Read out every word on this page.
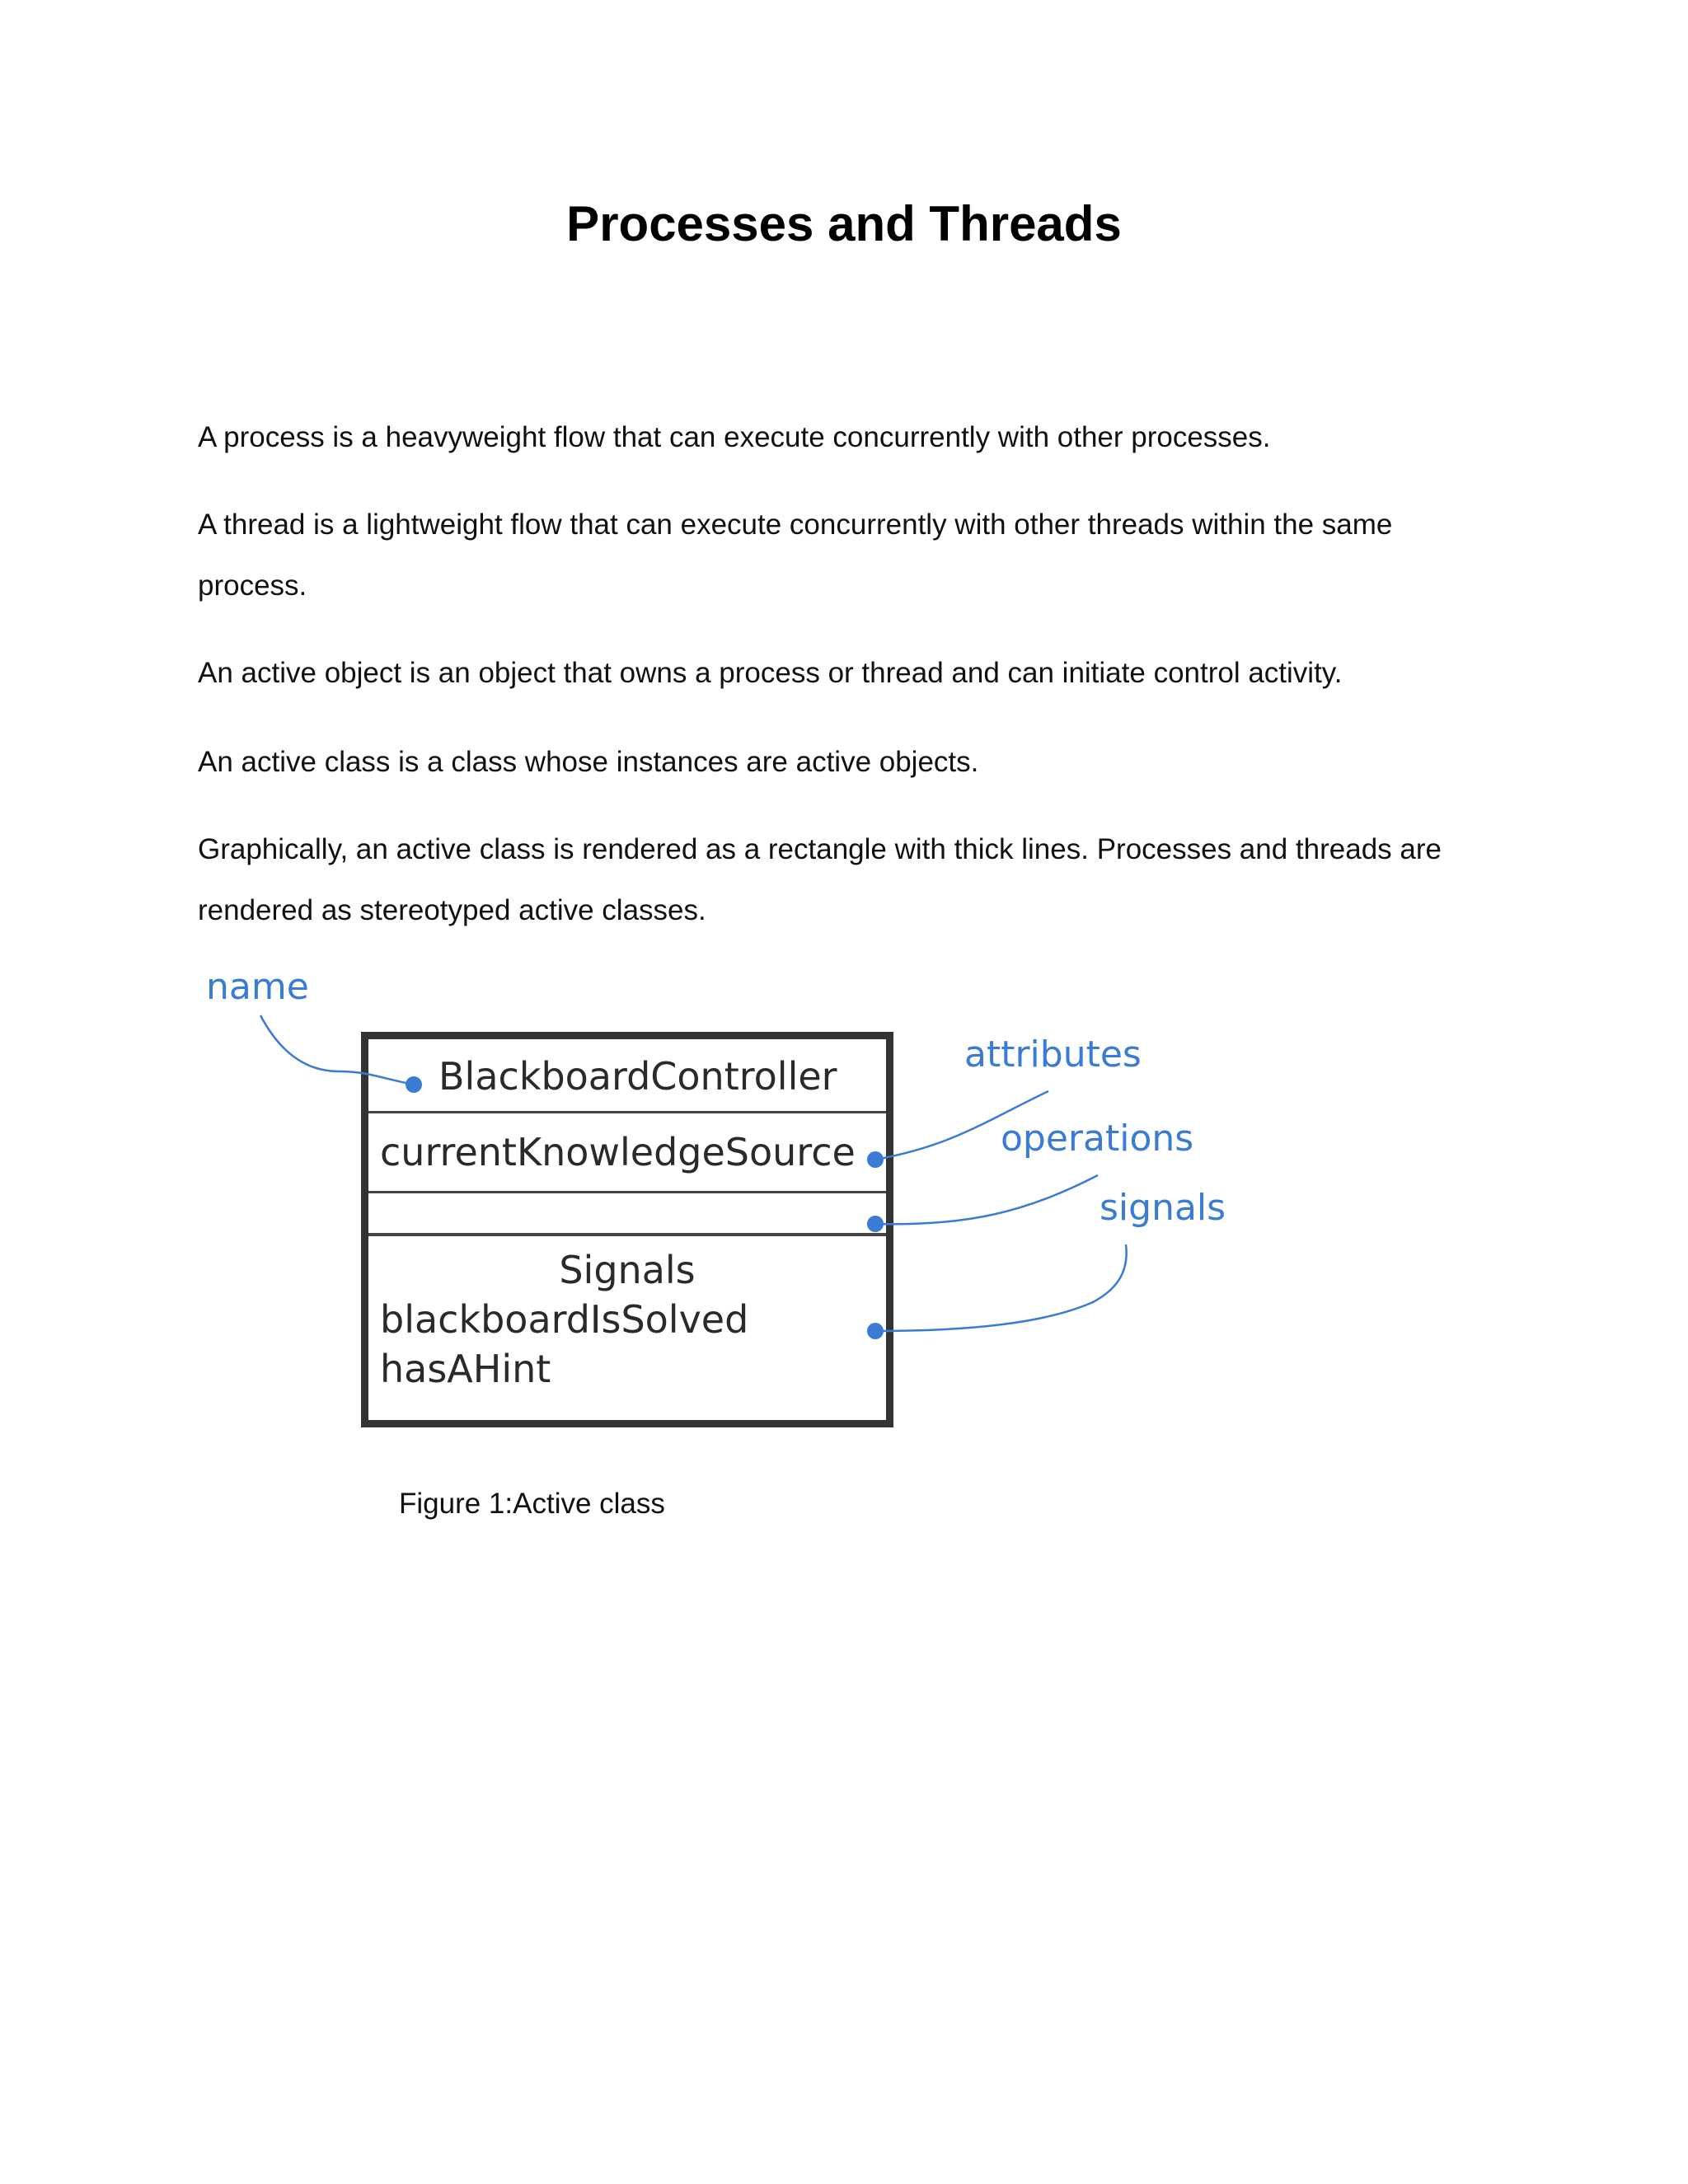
Processes and Threads

A process is a heavyweight flow that can execute concurrently with other processes.

A thread is a lightweight flow that can execute concurrently with other threads within the same process.

An active object is an object that owns a process or thread and can initiate control activity.

An active class is a class whose instances are active objects.

Graphically, an active class is rendered as a rectangle with thick lines. Processes and threads are rendered as stereotyped active classes.

BlackboardController
currentKnowledgeSource
Signals
blackboardIsSolved
hasAHint
name
attributes
operations
signals

Figure 1:Active class
